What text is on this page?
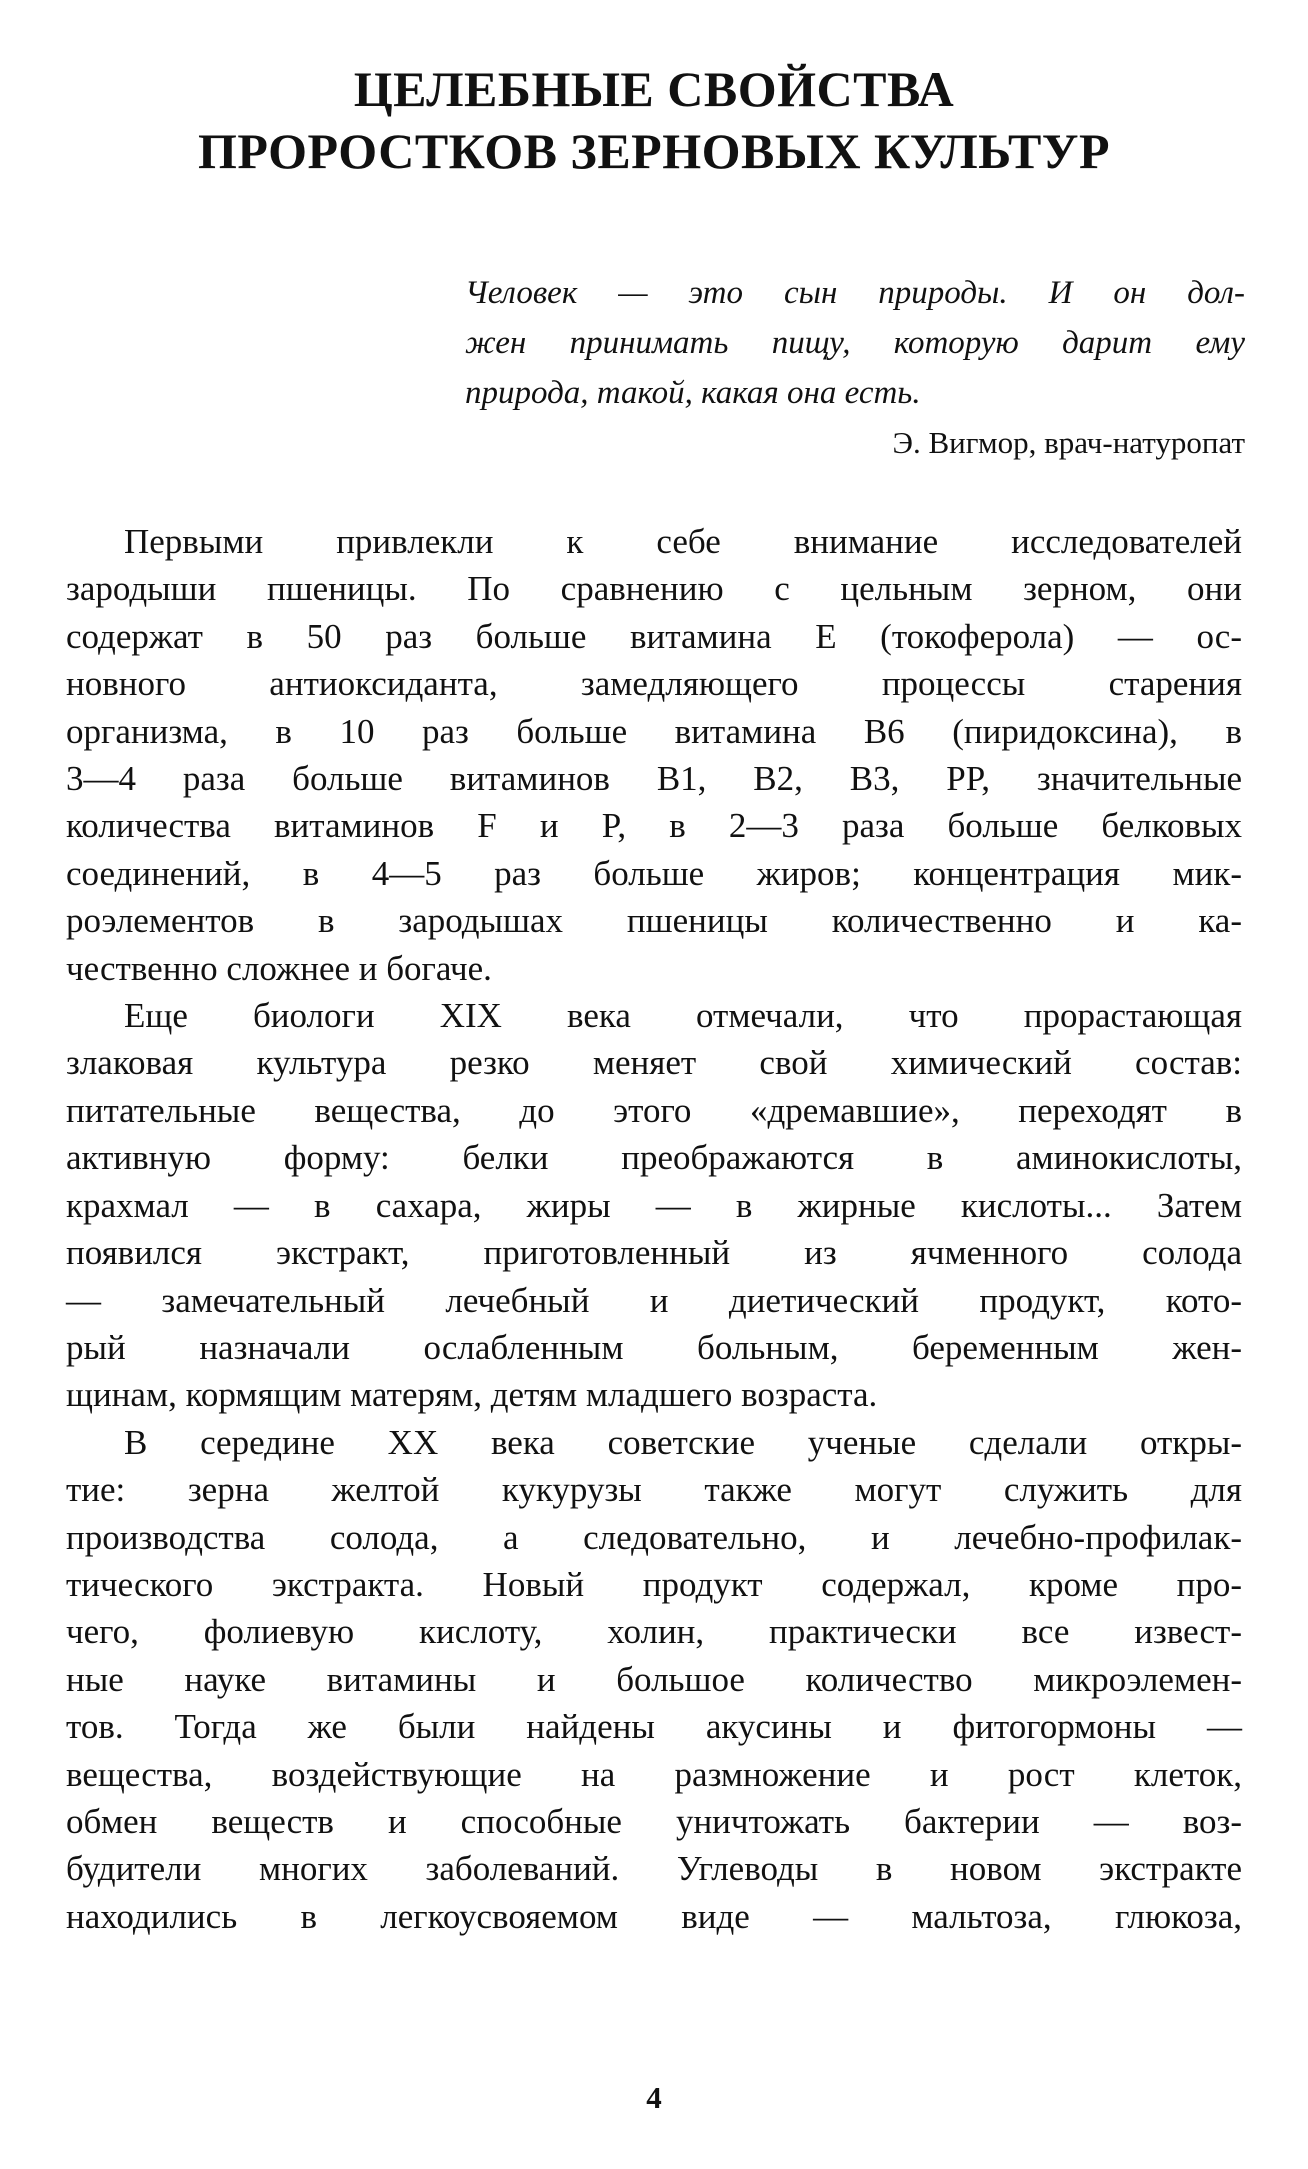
ЦЕЛЕБНЫЕ СВОЙСТВА
ПРОРОСТКОВ ЗЕРНОВЫХ КУЛЬТУР

Человек — это сын природы. И он дол-
жен принимать пищу, которую дарит ему
природа, такой, какая она есть.

Э. Вигмор, врач-натуропат

Первыми привлекли к себе внимание исследователей
зародыши пшеницы. По сравнению с цельным зерном, они
содержат в 50 раз больше витамина E (токоферола) — ос-
новного антиоксиданта, замедляющего процессы старения
организма, в 10 раз больше витамина B6 (пиридоксина), в
3—4 раза больше витаминов B1, B2, B3, PP, значительные
количества витаминов F и P, в 2—3 раза больше белковых
соединений, в 4—5 раз больше жиров; концентрация мик-
роэлементов в зародышах пшеницы количественно и ка-
чественно сложнее и богаче.

Еще биологи XIX века отмечали, что прорастающая
злаковая культура резко меняет свой химический состав:
питательные вещества, до этого «дремавшие», переходят в
активную форму: белки преображаются в аминокислоты,
крахмал — в сахара, жиры — в жирные кислоты... Затем
появился экстракт, приготовленный из ячменного солода
— замечательный лечебный и диетический продукт, кото-
рый назначали ослабленным больным, беременным жен-
щинам, кормящим матерям, детям младшего возраста.

В середине XX века советские ученые сделали откры-
тие: зерна желтой кукурузы также могут служить для
производства солода, а следовательно, и лечебно-профилак-
тического экстракта. Новый продукт содержал, кроме про-
чего, фолиевую кислоту, холин, практически все извест-
ные науке витамины и большое количество микроэлемен-
тов. Тогда же были найдены акусины и фитогормоны —
вещества, воздействующие на размножение и рост клеток,
обмен веществ и способные уничтожать бактерии — воз-
будители многих заболеваний. Углеводы в новом экстракте
находились в легкоусвояемом виде — мальтоза, глюкоза,

4
